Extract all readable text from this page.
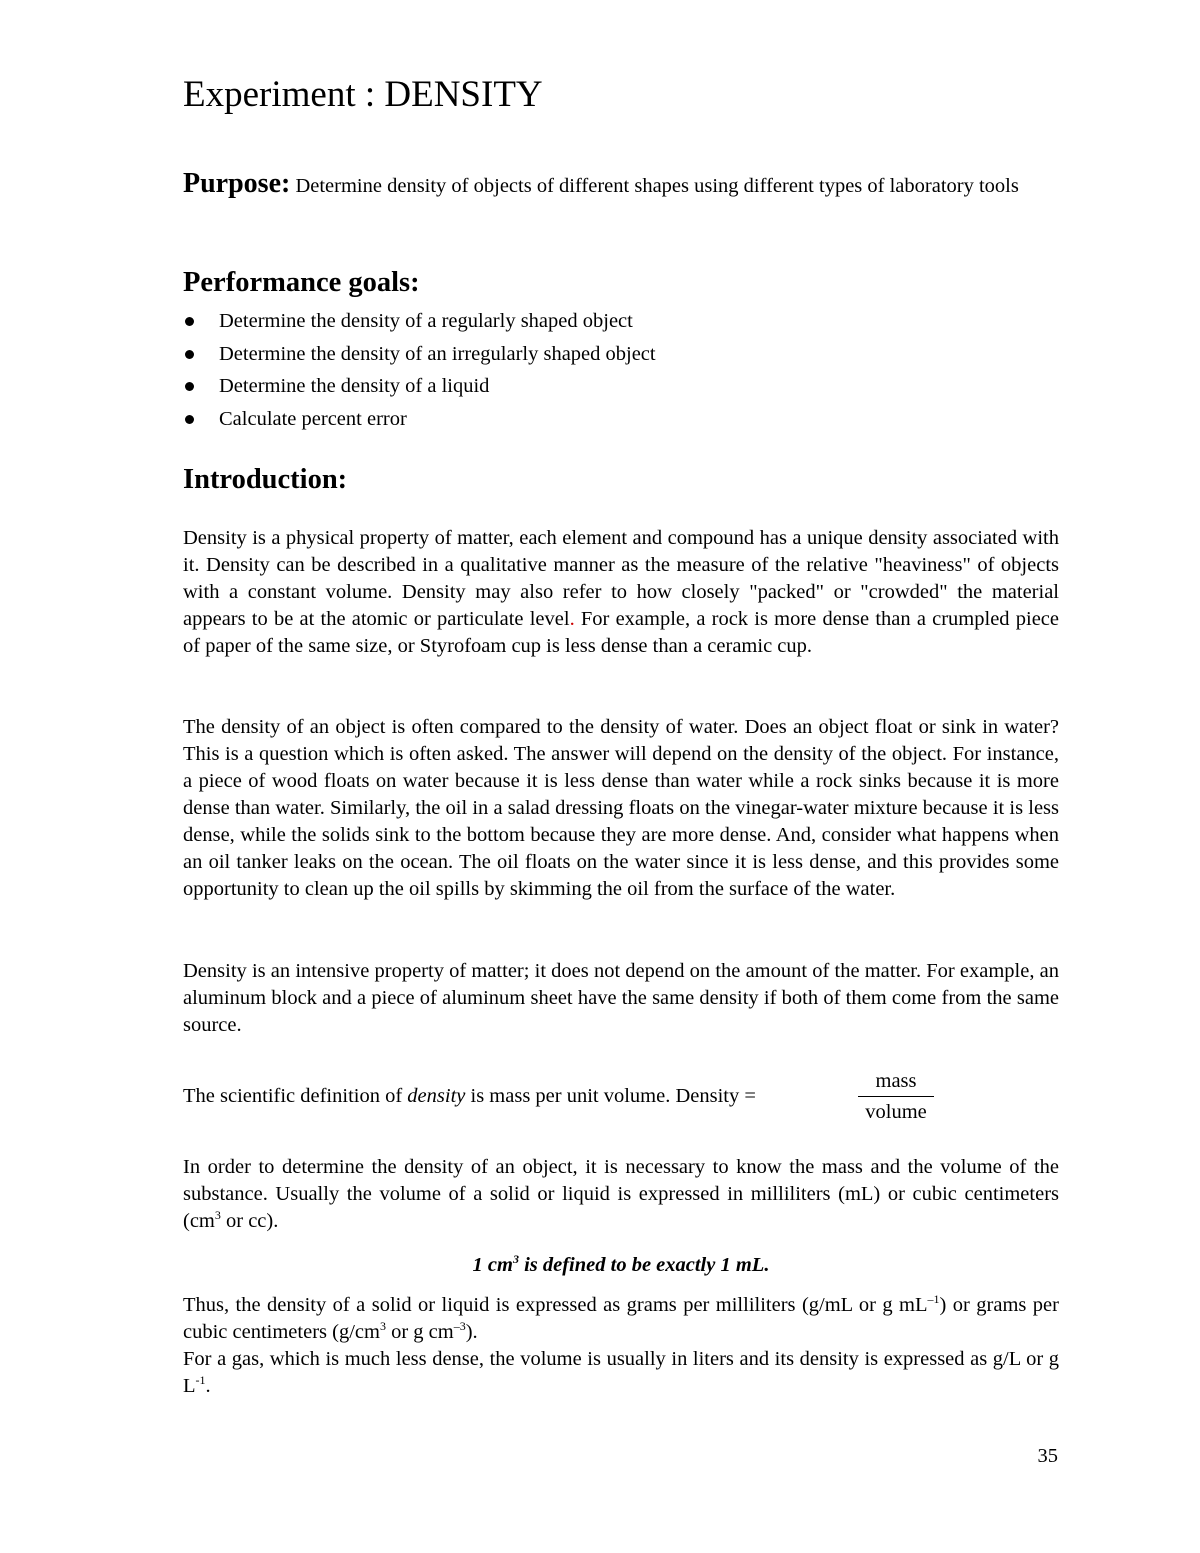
Experiment : DENSITY
Purpose: Determine density of objects of different shapes using different types of laboratory tools
Performance goals:
Determine the density of a regularly shaped object
Determine the density of an irregularly shaped object
Determine the density of a liquid
Calculate percent error
Introduction:

Density is a physical property of matter, each element and compound has a unique density associated with it. Density can be described in a qualitative manner as the measure of the relative "heaviness" of objects with a constant volume. Density may also refer to how closely "packed" or "crowded" the material appears to be at the atomic or particulate level. For example, a rock is more dense than a crumpled piece of paper of the same size, or Styrofoam cup is less dense than a ceramic cup.

The density of an object is often compared to the density of water. Does an object float or sink in water? This is a question which is often asked. The answer will depend on the density of the object. For instance, a piece of wood floats on water because it is less dense than water while a rock sinks because it is more dense than water. Similarly, the oil in a salad dressing floats on the vinegar-water mixture because it is less dense, while the solids sink to the bottom because they are more dense. And, consider what happens when an oil tanker leaks on the ocean. The oil floats on the water since it is less dense, and this provides some opportunity to clean up the oil spills by skimming the oil from the surface of the water.

Density is an intensive property of matter; it does not depend on the amount of the matter. For example, an aluminum block and a piece of aluminum sheet have the same density if both of them come from the same source.

The scientific definition of density is mass per unit volume. Density =
mass
volume

In order to determine the density of an object, it is necessary to know the mass and the volume of the substance. Usually the volume of a solid or liquid is expressed in milliliters (mL) or cubic centimeters ($cm^3$ or cc).

1 $cm^3$ is defined to be exactly 1 mL.

Thus, the density of a solid or liquid is expressed as grams per milliliters (g/mL or g $mL^{-1}$) or grams per cubic centimeters ($g/cm^3$ or g $cm^{-3}$).
For a gas, which is much less dense, the volume is usually in liters and its density is expressed as g/L or g $L^{-1}$.

35
